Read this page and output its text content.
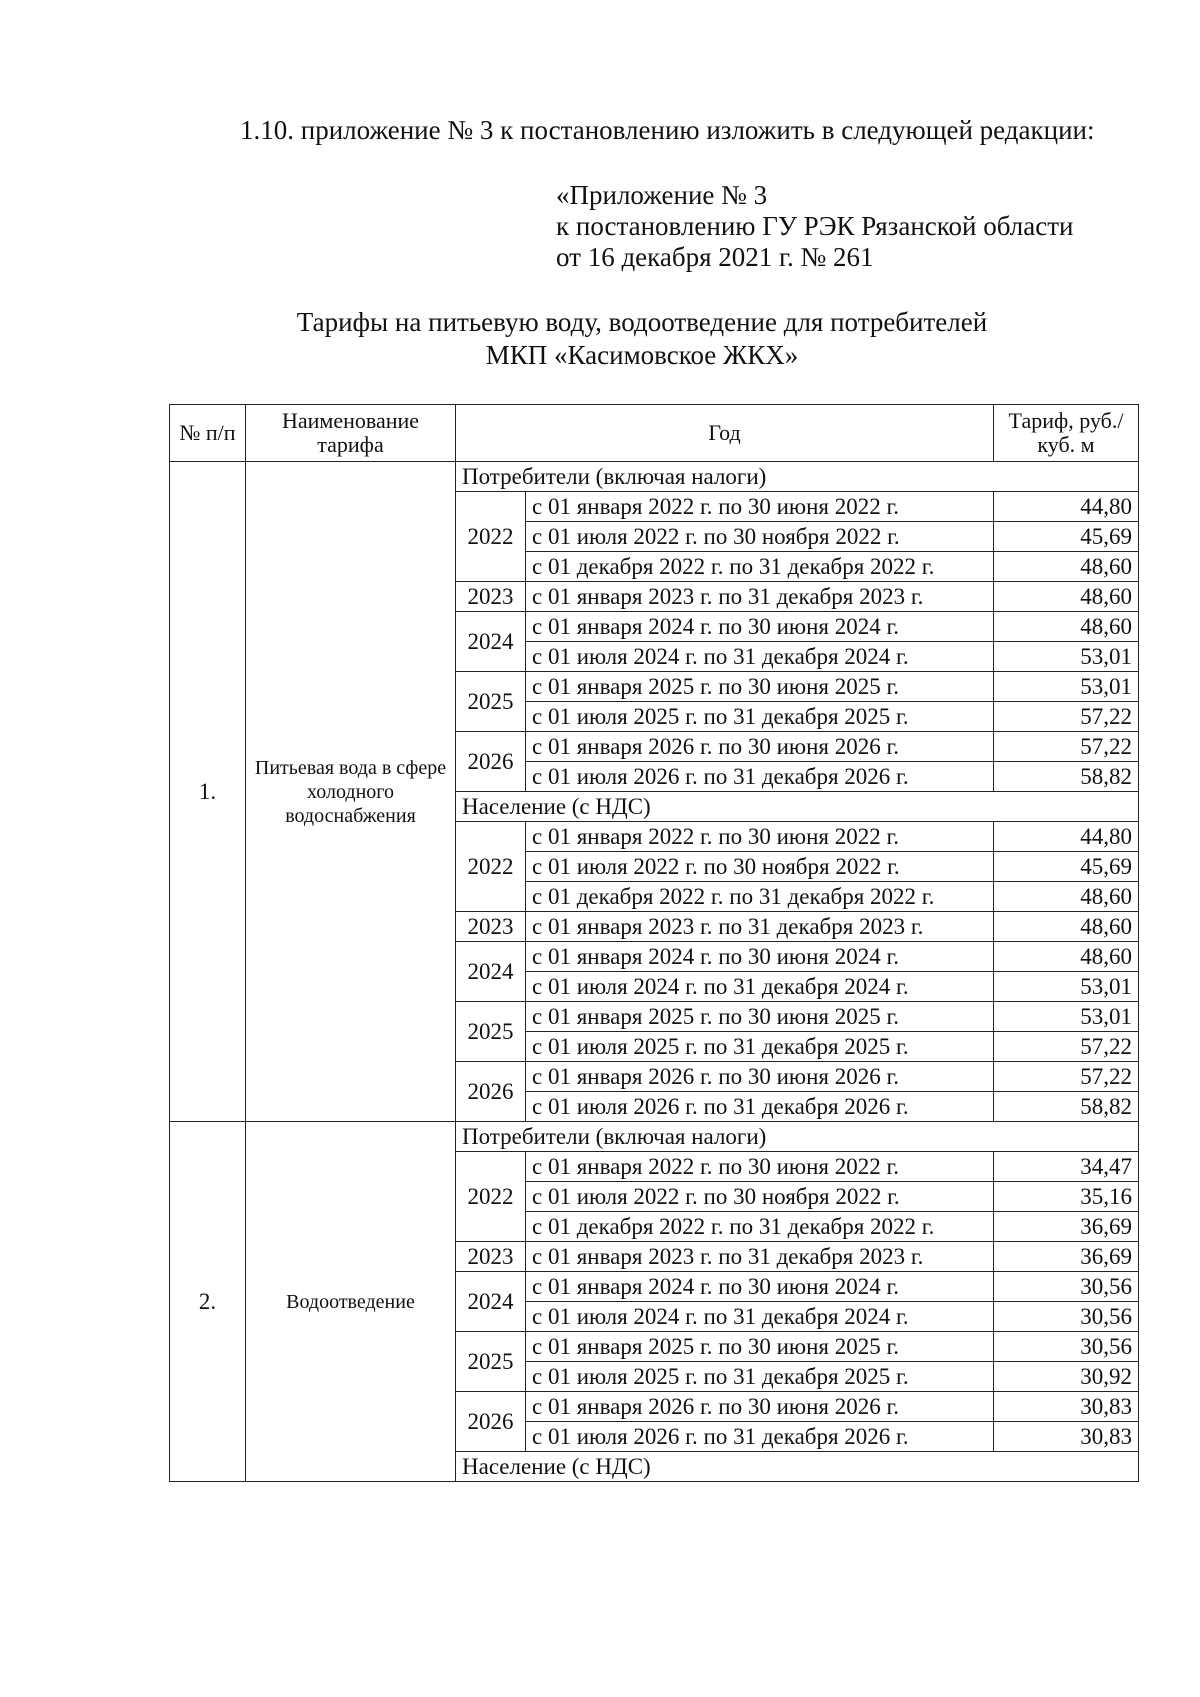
1.10. приложение № 3 к постановлению изложить в следующей редакции:

«Приложение № 3
к постановлению ГУ РЭК Рязанской области
от 16 декабря 2021 г. № 261
Тарифы на питьевую воду, водоотведение для потребителей
МКП «Касимовское ЖКХ»
№ п/п	Наименование тарифа	Год		Тариф, руб./куб. м
1.	Питьевая вода в сфере холодного водоснабжения	Потребители (включая налоги)		
		2022	с 01 января 2022 г. по 30 июня 2022 г.	44,80
			с 01 июля 2022 г. по 30 ноября 2022 г.	45,69
			с 01 декабря 2022 г. по 31 декабря 2022 г.	48,60
		2023	с 01 января 2023 г. по 31 декабря 2023 г.	48,60
		2024	с 01 января 2024 г. по 30 июня 2024 г.	48,60
			с 01 июля 2024 г. по 31 декабря 2024 г.	53,01
		2025	с 01 января 2025 г. по 30 июня 2025 г.	53,01
			с 01 июля 2025 г. по 31 декабря 2025 г.	57,22
		2026	с 01 января 2026 г. по 30 июня 2026 г.	57,22
			с 01 июля 2026 г. по 31 декабря 2026 г.	58,82
		Население (с НДС)		
		2022	с 01 января 2022 г. по 30 июня 2022 г.	44,80
			с 01 июля 2022 г. по 30 ноября 2022 г.	45,69
			с 01 декабря 2022 г. по 31 декабря 2022 г.	48,60
		2023	с 01 января 2023 г. по 31 декабря 2023 г.	48,60
		2024	с 01 января 2024 г. по 30 июня 2024 г.	48,60
			с 01 июля 2024 г. по 31 декабря 2024 г.	53,01
		2025	с 01 января 2025 г. по 30 июня 2025 г.	53,01
			с 01 июля 2025 г. по 31 декабря 2025 г.	57,22
		2026	с 01 января 2026 г. по 30 июня 2026 г.	57,22
			с 01 июля 2026 г. по 31 декабря 2026 г.	58,82
2.	Водоотведение	Потребители (включая налоги)		
		2022	с 01 января 2022 г. по 30 июня 2022 г.	34,47
			с 01 июля 2022 г. по 30 ноября 2022 г.	35,16
			с 01 декабря 2022 г. по 31 декабря 2022 г.	36,69
		2023	с 01 января 2023 г. по 31 декабря 2023 г.	36,69
		2024	с 01 января 2024 г. по 30 июня 2024 г.	30,56
			с 01 июля 2024 г. по 31 декабря 2024 г.	30,56
		2025	с 01 января 2025 г. по 30 июня 2025 г.	30,56
			с 01 июля 2025 г. по 31 декабря 2025 г.	30,92
		2026	с 01 января 2026 г. по 30 июня 2026 г.	30,83
			с 01 июля 2026 г. по 31 декабря 2026 г.	30,83
		Население (с НДС)		
